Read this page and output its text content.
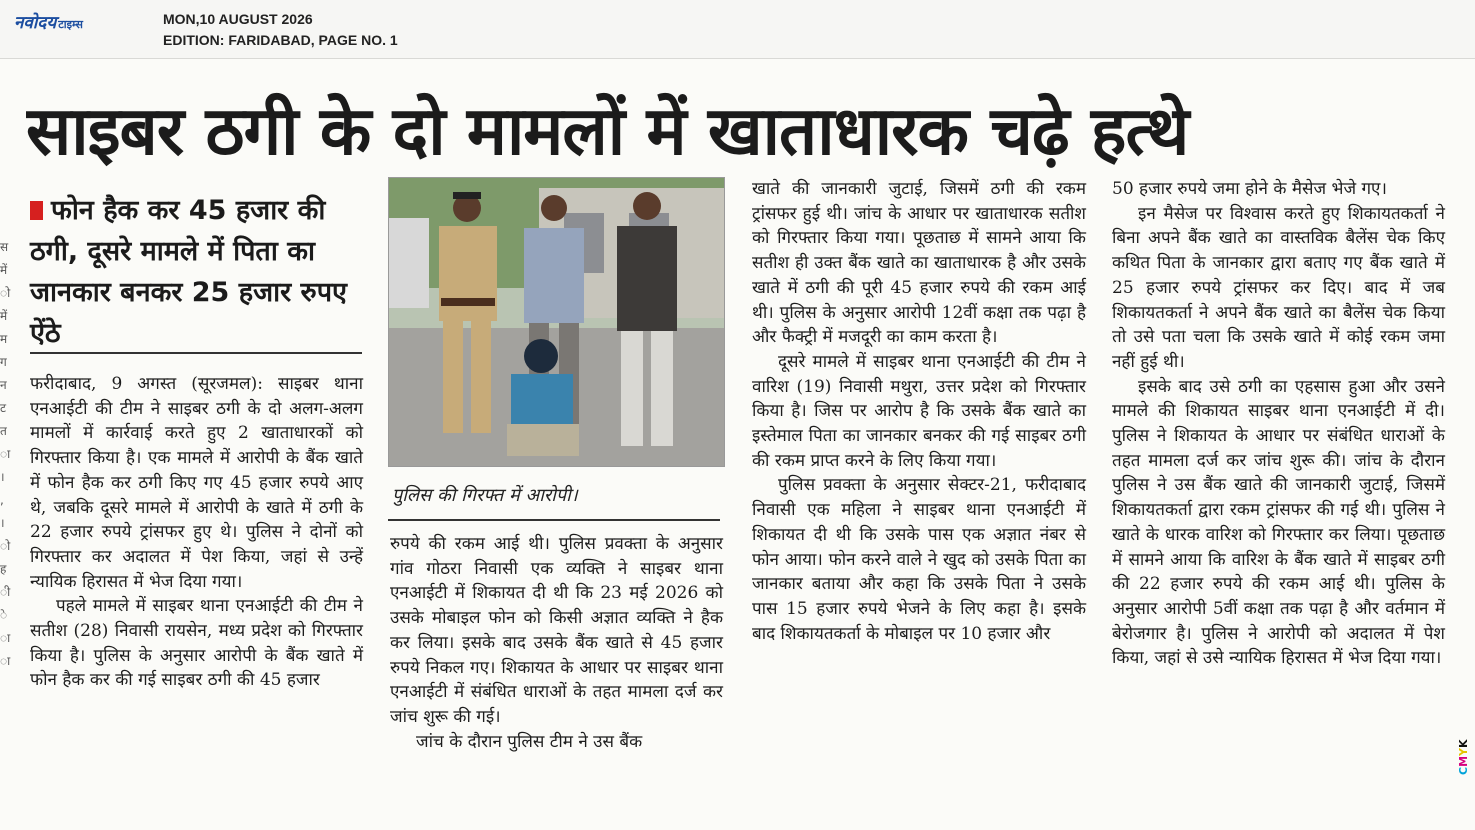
नवोदय टाइम्स	MON,10 AUGUST 2026
EDITION: FARIDABAD, PAGE NO. 1
स
में
ो
में
म
ग
न
ट
त
ा
।
,
।
ो
ह
ी
े
ा
ा
साइबर ठगी के दो मामलों में खाताधारक चढ़े हत्थे
फोन हैक कर 45 हजार की ठगी, दूसरे मामले में पिता का जानकार बनकर 25 हजार रुपए ऐंठे
पुलिस की गिरफ्त में आरोपी।

फरीदाबाद, 9 अगस्त (सूरजमल): साइबर थाना एनआईटी की टीम ने साइबर ठगी के दो अलग-अलग मामलों में कार्रवाई करते हुए 2 खाताधारकों को गिरफ्तार किया है। एक मामले में आरोपी के बैंक खाते में फोन हैक कर ठगी किए गए 45 हजार रुपये आए थे, जबकि दूसरे मामले में आरोपी के खाते में ठगी के 22 हजार रुपये ट्रांसफर हुए थे। पुलिस ने दोनों को गिरफ्तार कर अदालत में पेश किया, जहां से उन्हें न्यायिक हिरासत में भेज दिया गया।

पहले मामले में साइबर थाना एनआईटी की टीम ने सतीश (28) निवासी रायसेन, मध्य प्रदेश को गिरफ्तार किया है। पुलिस के अनुसार आरोपी के बैंक खाते में फोन हैक कर की गई साइबर ठगी की 45 हजार

रुपये की रकम आई थी। पुलिस प्रवक्ता के अनुसार गांव गोठरा निवासी एक व्यक्ति ने साइबर थाना एनआईटी में शिकायत दी थी कि 23 मई 2026 को उसके मोबाइल फोन को किसी अज्ञात व्यक्ति ने हैक कर लिया। इसके बाद उसके बैंक खाते से 45 हजार रुपये निकल गए। शिकायत के आधार पर साइबर थाना एनआईटी में संबंधित धाराओं के तहत मामला दर्ज कर जांच शुरू की गई।

जांच के दौरान पुलिस टीम ने उस बैंक

खाते की जानकारी जुटाई, जिसमें ठगी की रकम ट्रांसफर हुई थी। जांच के आधार पर खाताधारक सतीश को गिरफ्तार किया गया। पूछताछ में सामने आया कि सतीश ही उक्त बैंक खाते का खाताधारक है और उसके खाते में ठगी की पूरी 45 हजार रुपये की रकम आई थी। पुलिस के अनुसार आरोपी 12वीं कक्षा तक पढ़ा है और फैक्ट्री में मजदूरी का काम करता है।

दूसरे मामले में साइबर थाना एनआईटी की टीम ने वारिश (19) निवासी मथुरा, उत्तर प्रदेश को गिरफ्तार किया है। जिस पर आरोप है कि उसके बैंक खाते का इस्तेमाल पिता का जानकार बनकर की गई साइबर ठगी की रकम प्राप्त करने के लिए किया गया।

पुलिस प्रवक्ता के अनुसार सेक्टर-21, फरीदाबाद निवासी एक महिला ने साइबर थाना एनआईटी में शिकायत दी थी कि उसके पास एक अज्ञात नंबर से फोन आया। फोन करने वाले ने खुद को उसके पिता का जानकार बताया और कहा कि उसके पिता ने उसके पास 15 हजार रुपये भेजने के लिए कहा है। इसके बाद शिकायतकर्ता के मोबाइल पर 10 हजार और

50 हजार रुपये जमा होने के मैसेज भेजे गए।

इन मैसेज पर विश्वास करते हुए शिकायतकर्ता ने बिना अपने बैंक खाते का वास्तविक बैलेंस चेक किए कथित पिता के जानकार द्वारा बताए गए बैंक खाते में 25 हजार रुपये ट्रांसफर कर दिए। बाद में जब शिकायतकर्ता ने अपने बैंक खाते का बैलेंस चेक किया तो उसे पता चला कि उसके खाते में कोई रकम जमा नहीं हुई थी।

इसके बाद उसे ठगी का एहसास हुआ और उसने मामले की शिकायत साइबर थाना एनआईटी में दी। पुलिस ने शिकायत के आधार पर संबंधित धाराओं के तहत मामला दर्ज कर जांच शुरू की। जांच के दौरान पुलिस ने उस बैंक खाते की जानकारी जुटाई, जिसमें शिकायतकर्ता द्वारा रकम ट्रांसफर की गई थी। पुलिस ने खाते के धारक वारिश को गिरफ्तार कर लिया। पूछताछ में सामने आया कि वारिश के बैंक खाते में साइबर ठगी की 22 हजार रुपये की रकम आई थी। पुलिस के अनुसार आरोपी 5वीं कक्षा तक पढ़ा है और वर्तमान में बेरोजगार है। पुलिस ने आरोपी को अदालत में पेश किया, जहां से उसे न्यायिक हिरासत में भेज दिया गया।

CMYK
